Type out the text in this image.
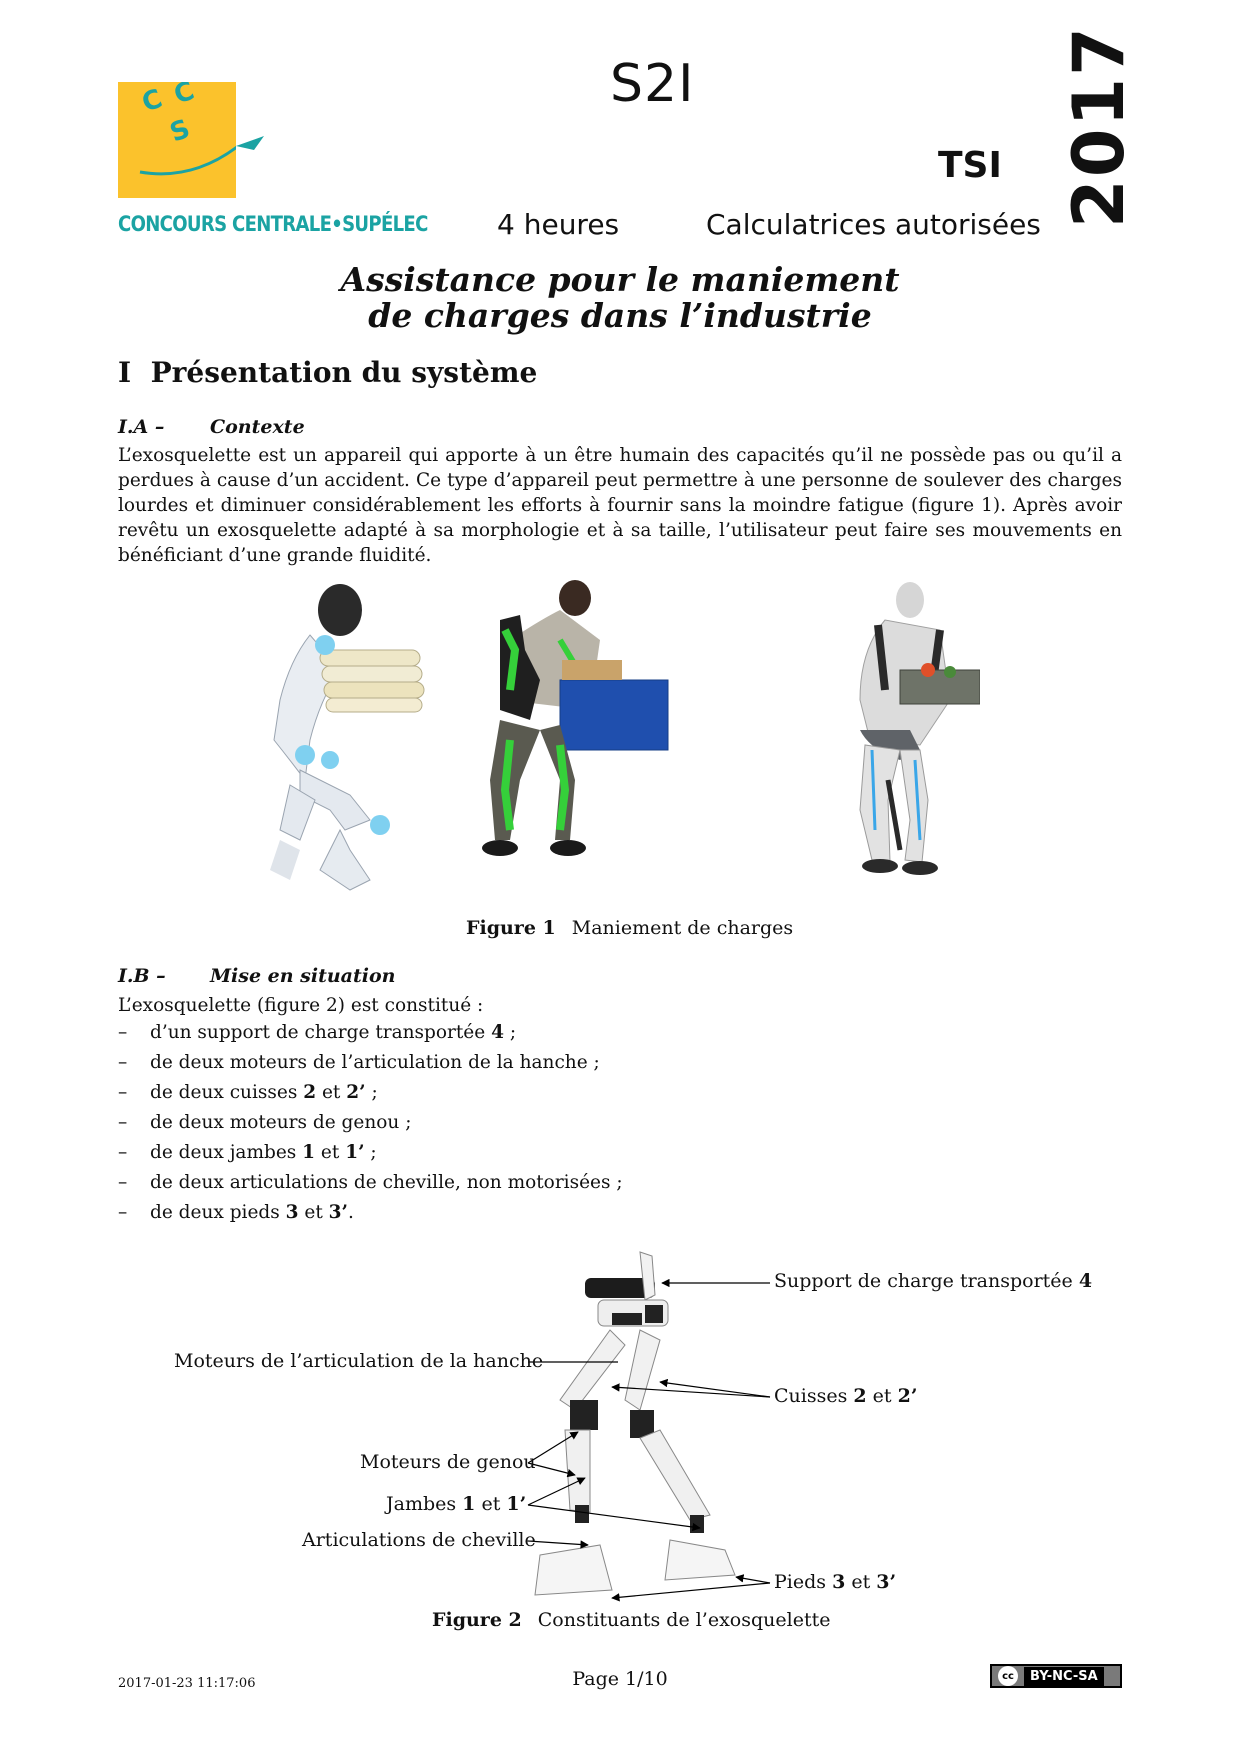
C C
S
CONCOURS CENTRALE•SUPÉLEC
S2I
TSI 2017
4 heures	Calculatrices autorisées
Assistance pour le maniement
de charges dans l’industrie
I Présentation du système
I.A – Contexte
L’exosquelette est un appareil qui apporte à un être humain des capacités qu’il ne possède pas ou qu’il a perdues à cause d’un accident. Ce type d’appareil peut permettre à une personne de soulever des charges lourdes et diminuer considérablement les efforts à fournir sans la moindre fatigue (figure 1). Après avoir revêtu un exosquelette adapté à sa morphologie et à sa taille, l’utilisateur peut faire ses mouvements en bénéficiant d’une grande fluidité.
Figure 1 Maniement de charges
I.B – Mise en situation
L’exosquelette (figure 2) est constitué :
– d’un support de charge transportée 4 ;
– de deux moteurs de l’articulation de la hanche ;
– de deux cuisses 2 et 2’ ;
– de deux moteurs de genou ;
– de deux jambes 1 et 1’ ;
– de deux articulations de cheville, non motorisées ;
– de deux pieds 3 et 3’.
Support de charge transportée 4
Moteurs de l’articulation de la hanche
Cuisses 2 et 2’
Moteurs de genou
Jambes 1 et 1’
Articulations de cheville
Pieds 3 et 3’
Figure 2 Constituants de l’exosquelette
2017-01-23 11:17:06	Page 1/10	cc	BY-NC-SA
